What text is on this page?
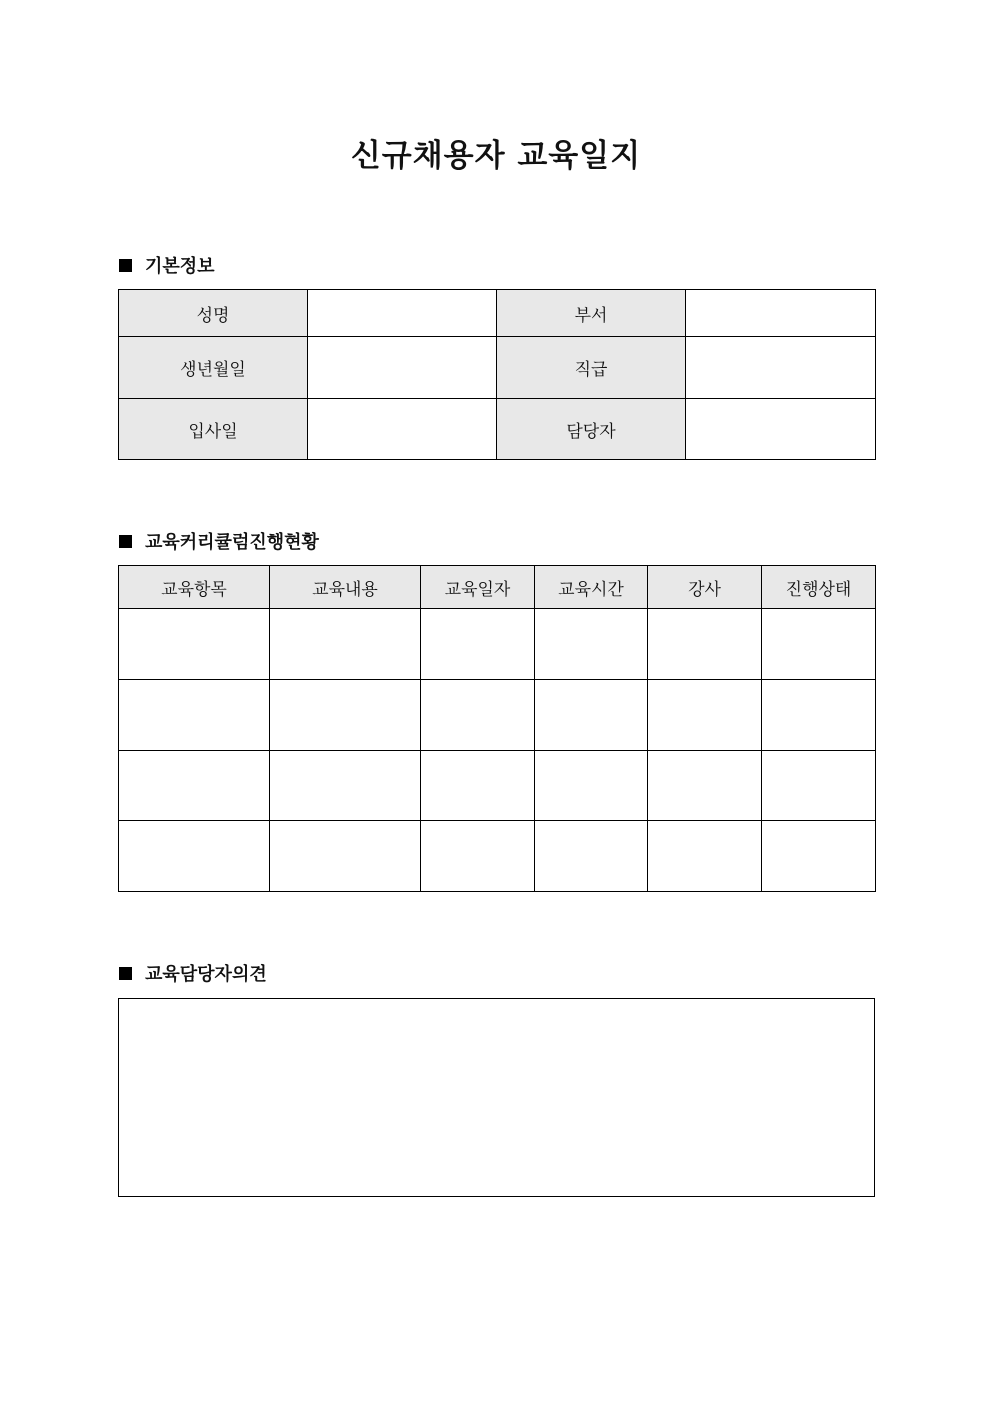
신규채용자 교육일지
기본정보
성명		부서	
생년월일		직급	
입사일		담당자	
교육커리큘럼진행현황
교육항목	교육내용	교육일자	교육시간	강사	진행상태

교육담당자의견
